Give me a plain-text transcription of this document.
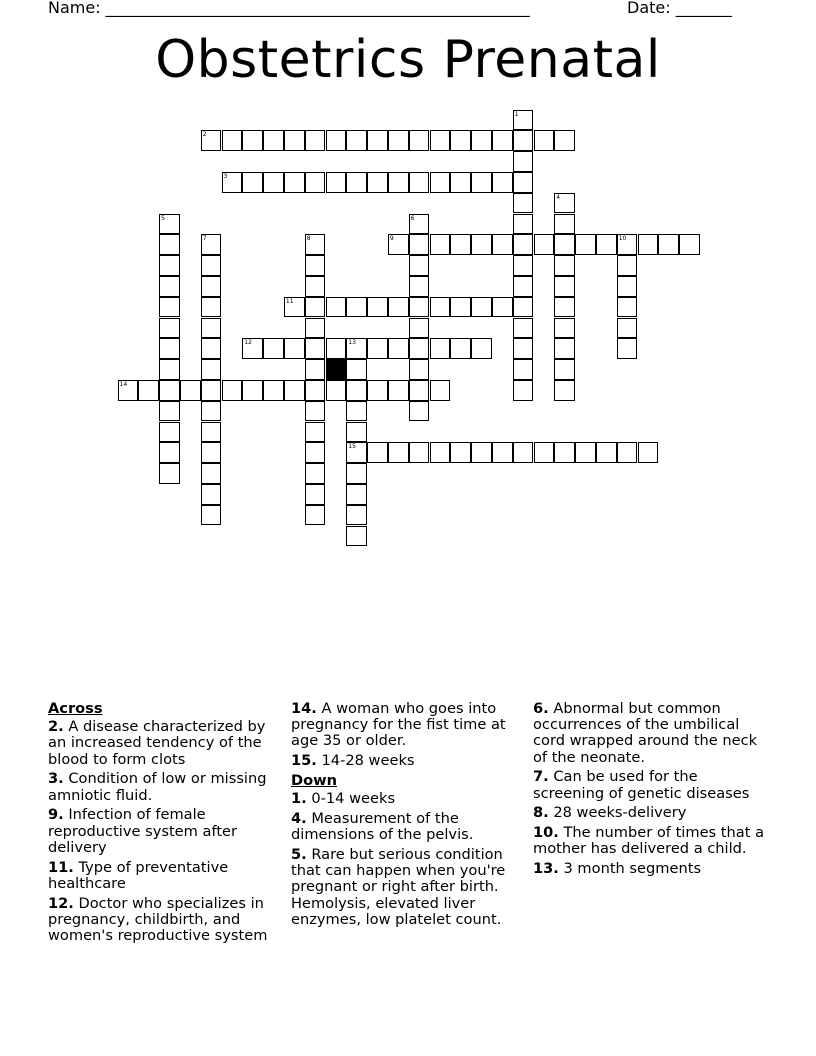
Name: _____________________________________________________	Date: _______
Obstetrics Prenatal
1
2
3
4
5	6
7	8	9	10
11
12	13
14
15
Across
2. A disease characterized by an increased tendency of the blood to form clots
3. Condition of low or missing amniotic fluid.
9. Infection of female reproductive system after delivery
11. Type of preventative healthcare
12. Doctor who specializes in pregnancy, childbirth, and women's reproductive system
14. A woman who goes into pregnancy for the fist time at age 35 or older.
15. 14-28 weeks
Down
1. 0-14 weeks
4. Measurement of the dimensions of the pelvis.
5. Rare but serious condition that can happen when you're pregnant or right after birth. Hemolysis, elevated liver enzymes, low platelet count.
6. Abnormal but common occurrences of the umbilical cord wrapped around the neck of the neonate.
7. Can be used for the screening of genetic diseases
8. 28 weeks-delivery
10. The number of times that a mother has delivered a child.
13. 3 month segments
